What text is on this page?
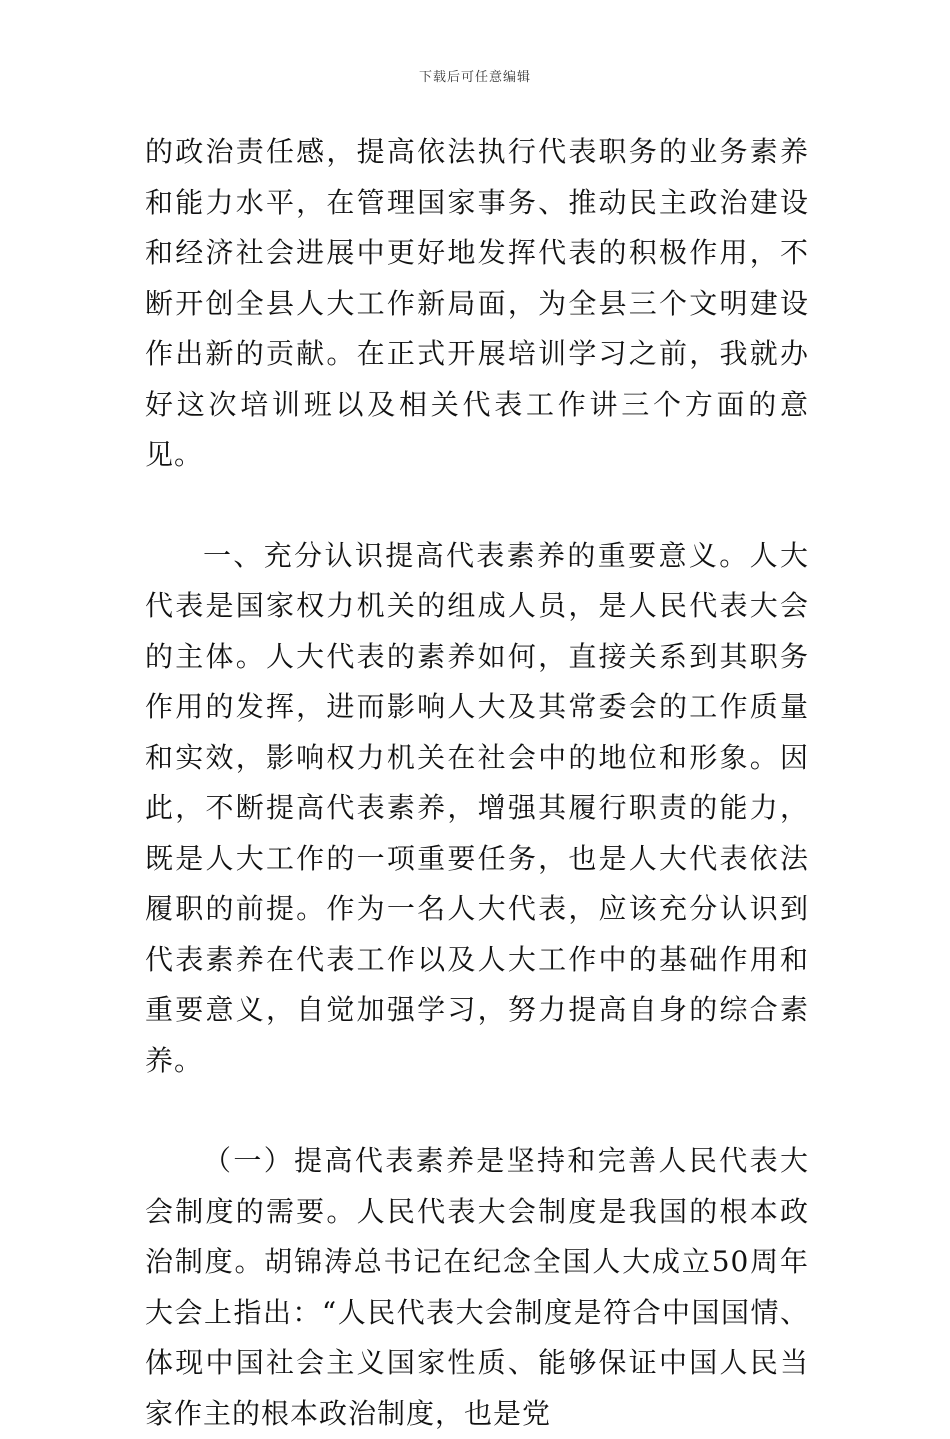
下载后可任意编辑

的政治责任感，提高依法执行代表职务的业务素养和能力水平，在管理国家事务、推动民主政治建设和经济社会进展中更好地发挥代表的积极作用，不断开创全县人大工作新局面，为全县三个文明建设作出新的贡献。在正式开展培训学习之前，我就办好这次培训班以及相关代表工作讲三个方面的意见。

一、充分认识提高代表素养的重要意义。人大代表是国家权力机关的组成人员，是人民代表大会的主体。人大代表的素养如何，直接关系到其职务作用的发挥，进而影响人大及其常委会的工作质量和实效，影响权力机关在社会中的地位和形象。因此，不断提高代表素养，增强其履行职责的能力，既是人大工作的一项重要任务，也是人大代表依法履职的前提。作为一名人大代表，应该充分认识到代表素养在代表工作以及人大工作中的基础作用和重要意义，自觉加强学习，努力提高自身的综合素养。

（一）提高代表素养是坚持和完善人民代表大会制度的需要。人民代表大会制度是我国的根本政治制度。胡锦涛总书记在纪念全国人大成立50周年大会上指出：“人民代表大会制度是符合中国国情、体现中国社会主义国家性质、能够保证中国人民当家作主的根本政治制度，也是党
